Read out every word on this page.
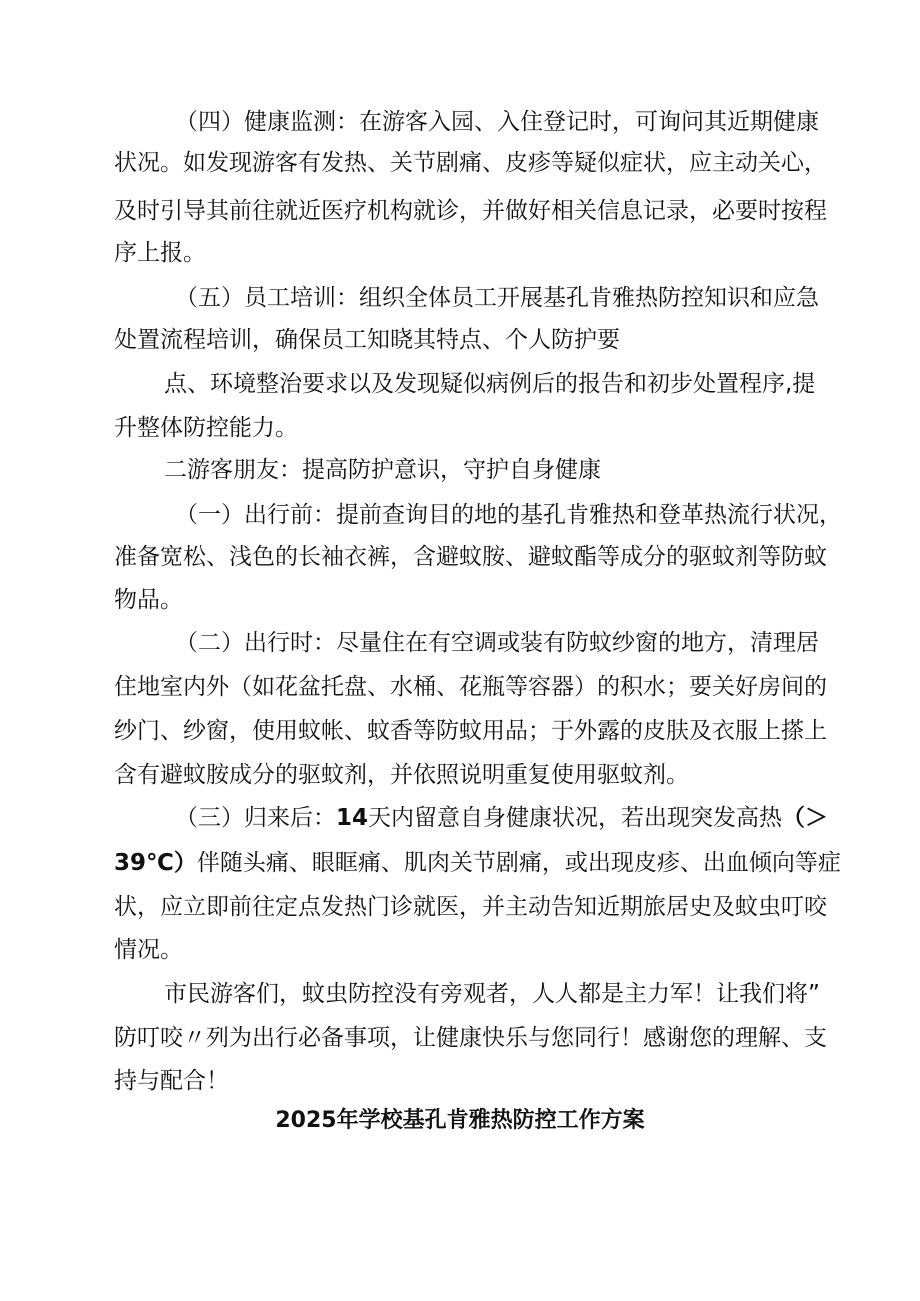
（四）健康监测：在游客入园、入住登记时，可询问其近期健康
状况。如发现游客有发热、关节剧痛、皮疹等疑似症状，应主动关心，
及时引导其前往就近医疗机构就诊，并做好相关信息记录，必要时按程
序上报。
（五）员工培训：组织全体员工开展基孔肯雅热防控知识和应急
处置流程培训，确保员工知晓其特点、个人防护要
点、环境整治要求以及发现疑似病例后的报告和初步处置程序,提
升整体防控能力。
二游客朋友：提高防护意识，守护自身健康
（一）出行前：提前查询目的地的基孔肯雅热和登革热流行状况，
准备宽松、浅色的长袖衣裤，含避蚊胺、避蚊酯等成分的驱蚊剂等防蚊
物品。
（二）出行时：尽量住在有空调或装有防蚊纱窗的地方，清理居
住地室内外（如花盆托盘、水桶、花瓶等容器）的积水；要关好房间的
纱门、纱窗，使用蚊帐、蚊香等防蚊用品；于外露的皮肤及衣服上搽上
含有避蚊胺成分的驱蚊剂，并依照说明重复使用驱蚊剂。
（三）归来后：14天内留意自身健康状况，若出现突发高热（＞
39℃）伴随头痛、眼眶痛、肌肉关节剧痛，或出现皮疹、出血倾向等症
状，应立即前往定点发热门诊就医，并主动告知近期旅居史及蚊虫叮咬
情况。
市民游客们，蚊虫防控没有旁观者，人人都是主力军！让我们将”
防叮咬〃列为出行必备事项，让健康快乐与您同行！感谢您的理解、支
持与配合！
2025年学校基孔肯雅热防控工作方案
